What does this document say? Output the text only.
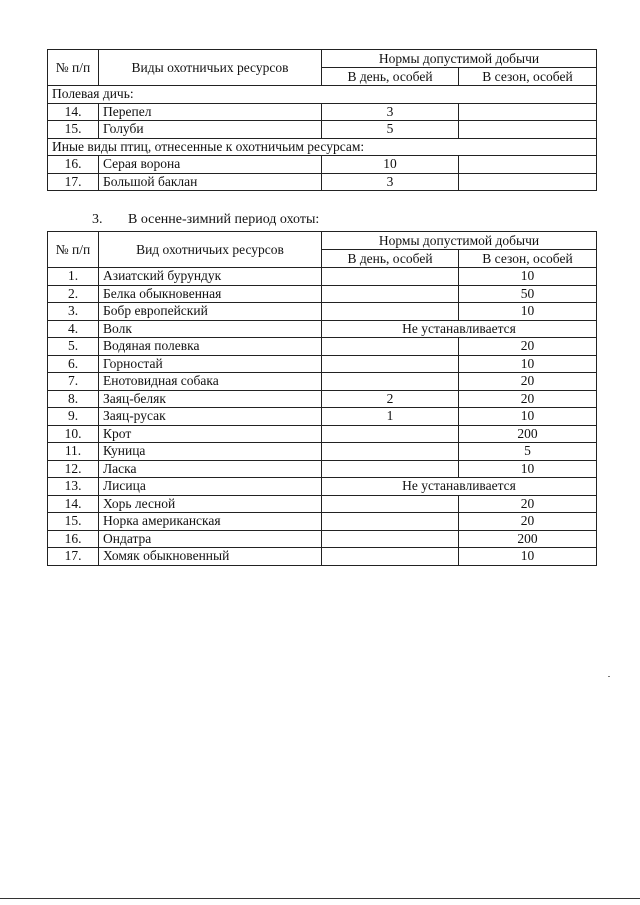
№ п/п	Виды охотничьих ресурсов	Нормы допустимой добычи	
		В день, особей	В сезон, особей
Полевая дичь:			
14.	Перепел	3	
15.	Голуби	5	
Иные виды птиц, отнесенные к охотничьим ресурсам:			
16.	Серая ворона	10	
17.	Большой баклан	3	
3. В осенне-зимний период охоты:
№ п/п	Вид охотничьих ресурсов	Нормы допустимой добычи	
		В день, особей	В сезон, особей
1.	Азиатский бурундук		10
2.	Белка обыкновенная		50
3.	Бобр европейский		10
4.	Волк	Не устанавливается	
5.	Водяная полевка		20
6.	Горностай		10
7.	Енотовидная собака		20
8.	Заяц-беляк	2	20
9.	Заяц-русак	1	10
10.	Крот		200
11.	Куница		5
12.	Ласка		10
13.	Лисица	Не устанавливается	
14.	Хорь лесной		20
15.	Норка американская		20
16.	Ондатра		200
17.	Хомяк обыкновенный		10
